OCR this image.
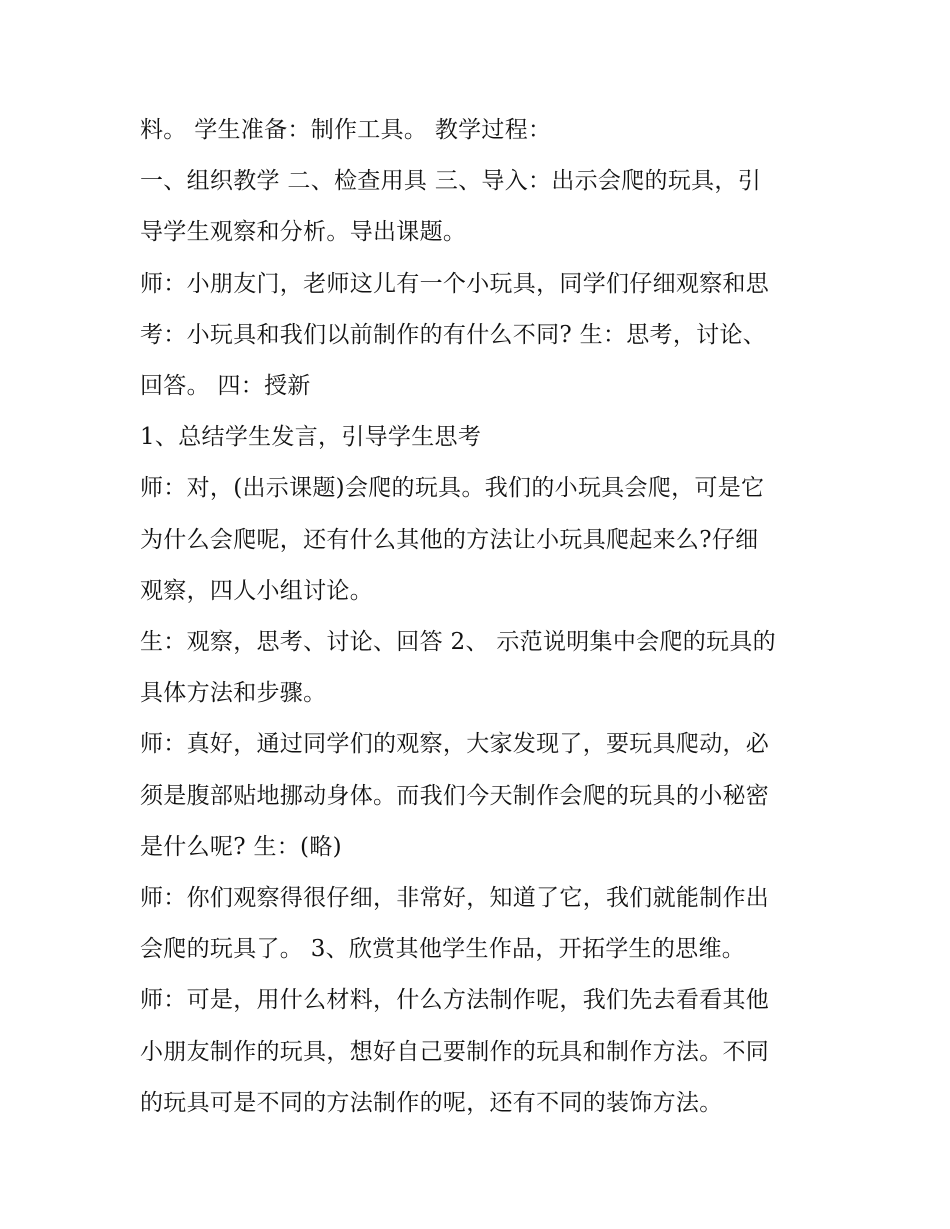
料。 学生准备：制作工具。 教学过程：

一、组织教学 二、检查用具 三、导入：出示会爬的玩具，引

导学生观察和分析。导出课题。

师：小朋友门，老师这儿有一个小玩具，同学们仔细观察和思

考：小玩具和我们以前制作的有什么不同? 生：思考，讨论、

回答。 四：授新

1、总结学生发言，引导学生思考

师：对，(出示课题)会爬的玩具。我们的小玩具会爬，可是它

为什么会爬呢，还有什么其他的方法让小玩具爬起来么?仔细

观察，四人小组讨论。

生：观察，思考、讨论、回答 2、 示范说明集中会爬的玩具的

具体方法和步骤。

师：真好，通过同学们的观察，大家发现了，要玩具爬动，必

须是腹部贴地挪动身体。而我们今天制作会爬的玩具的小秘密

是什么呢? 生：(略)

师：你们观察得很仔细，非常好，知道了它，我们就能制作出

会爬的玩具了。 3、欣赏其他学生作品，开拓学生的思维。

师：可是，用什么材料，什么方法制作呢，我们先去看看其他

小朋友制作的玩具，想好自己要制作的玩具和制作方法。不同

的玩具可是不同的方法制作的呢，还有不同的装饰方法。
